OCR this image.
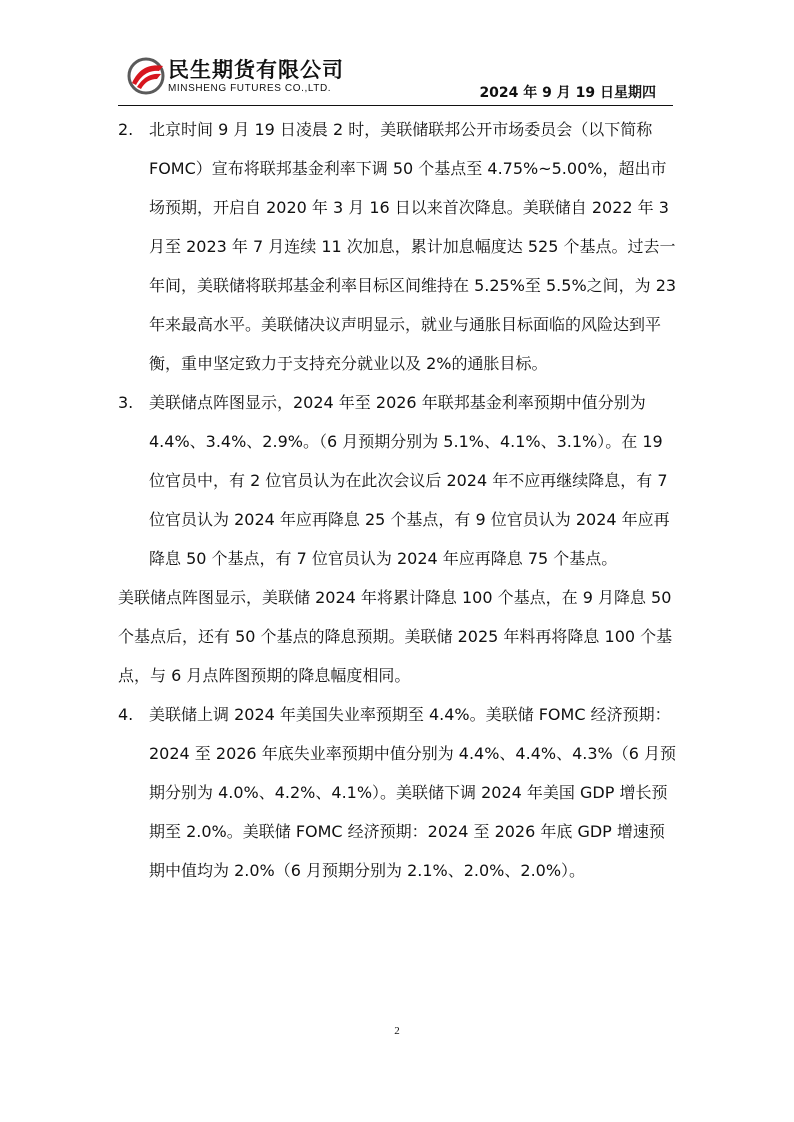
民生期货有限公司
MINSHENG FUTURES CO.,LTD.	2024 年 9 月 19 日星期四
2. 北京时间 9 月 19 日凌晨 2 时，美联储联邦公开市场委员会（以下简称 FOMC）宣布将联邦基金利率下调 50 个基点至 4.75%~5.00%，超出市场预期，开启自 2020 年 3 月 16 日以来首次降息。美联储自 2022 年 3 月至 2023 年 7 月连续 11 次加息，累计加息幅度达 525 个基点。过去一年间，美联储将联邦基金利率目标区间维持在 5.25%至 5.5%之间，为 23 年来最高水平。美联储决议声明显示，就业与通胀目标面临的风险达到平衡，重申坚定致力于支持充分就业以及 2%的通胀目标。
3. 美联储点阵图显示，2024 年至 2026 年联邦基金利率预期中值分别为 4.4%、3.4%、2.9%。（6 月预期分别为 5.1%、4.1%、3.1%）。在 19 位官员中，有 2 位官员认为在此次会议后 2024 年不应再继续降息，有 7 位官员认为 2024 年应再降息 25 个基点，有 9 位官员认为 2024 年应再降息 50 个基点，有 7 位官员认为 2024 年应再降息 75 个基点。
美联储点阵图显示，美联储 2024 年将累计降息 100 个基点，在 9 月降息 50 个基点后，还有 50 个基点的降息预期。美联储 2025 年料再将降息 100 个基点，与 6 月点阵图预期的降息幅度相同。
4. 美联储上调 2024 年美国失业率预期至 4.4%。美联储 FOMC 经济预期：2024 至 2026 年底失业率预期中值分别为 4.4%、4.4%、4.3%（6 月预期分别为 4.0%、4.2%、4.1%）。美联储下调 2024 年美国 GDP 增长预期至 2.0%。美联储 FOMC 经济预期：2024 至 2026 年底 GDP 增速预期中值均为 2.0%（6 月预期分别为 2.1%、2.0%、2.0%）。
2
